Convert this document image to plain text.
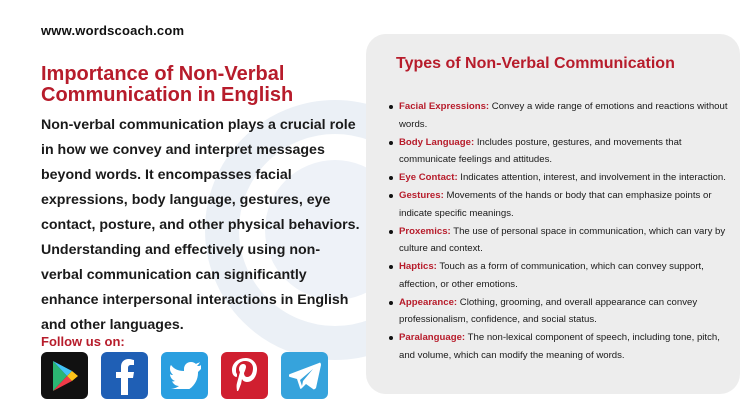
www.wordscoach.com
Importance of Non-Verbal Communication in English

Non-verbal communication plays a crucial role in how we convey and interpret messages beyond words. It encompasses facial expressions, body language, gestures, eye contact, posture, and other physical behaviors. Understanding and effectively using non-verbal communication can significantly enhance interpersonal interactions in English and other languages.

Follow us on:
Types of Non-Verbal Communication
Facial Expressions: Convey a wide range of emotions and reactions without words.
Body Language: Includes posture, gestures, and movements that communicate feelings and attitudes.
Eye Contact: Indicates attention, interest, and involvement in the interaction.
Gestures: Movements of the hands or body that can emphasize points or indicate specific meanings.
Proxemics: The use of personal space in communication, which can vary by culture and context.
Haptics: Touch as a form of communication, which can convey support, affection, or other emotions.
Appearance: Clothing, grooming, and overall appearance can convey professionalism, confidence, and social status.
Paralanguage: The non-lexical component of speech, including tone, pitch, and volume, which can modify the meaning of words.
